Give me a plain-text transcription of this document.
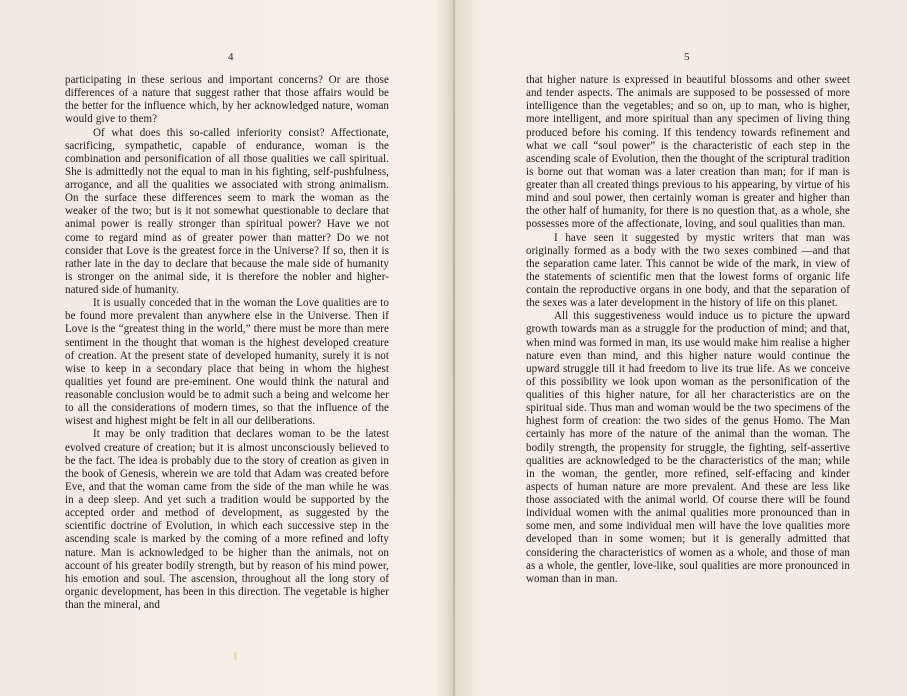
4

participating in these serious and important concerns? Or are those differences of a nature that suggest rather that those affairs would be the better for the influence which, by her acknowledged nature, woman would give to them?

Of what does this so-called inferiority consist? Affectionate, sacrificing, sympathetic, capable of endurance, woman is the combination and personification of all those qualities we call spiritual. She is admittedly not the equal to man in his fighting, self-pushfulness, arrogance, and all the qualities we associated with strong animalism. On the surface these differences seem to mark the woman as the weaker of the two; but is it not somewhat questionable to declare that animal power is really stronger than spiritual power? Have we not come to regard mind as of greater power than matter? Do we not consider that Love is the greatest force in the Universe? If so, then it is rather late in the day to declare that because the male side of humanity is stronger on the animal side, it is therefore the nobler and higher-natured side of humanity.

It is usually conceded that in the woman the Love qualities are to be found more prevalent than anywhere else in the Universe. Then if Love is the “greatest thing in the world,” there must be more than mere sentiment in the thought that woman is the highest developed creature of creation. At the present state of developed humanity, surely it is not wise to keep in a secondary place that being in whom the highest qualities yet found are pre-eminent. One would think the natural and reasonable conclusion would be to admit such a being and welcome her to all the considerations of modern times, so that the influence of the wisest and highest might be felt in all our deliberations.

It may be only tradition that declares woman to be the latest evolved creature of creation; but it is almost unconsciously believed to be the fact. The idea is probably due to the story of creation as given in the book of Genesis, wherein we are told that Adam was created before Eve, and that the woman came from the side of the man while he was in a deep sleep. And yet such a tradition would be supported by the accepted order and method of development, as suggested by the scientific doctrine of Evolution, in which each successive step in the ascending scale is marked by the coming of a more refined and lofty nature. Man is acknowledged to be higher than the animals, not on account of his greater bodily strength, but by reason of his mind power, his emotion and soul. The ascension, throughout all the long story of organic development, has been in this direction. The vegetable is higher than the mineral, and

5

that higher nature is expressed in beautiful blossoms and other sweet and tender aspects. The animals are supposed to be possessed of more intelligence than the vegetables; and so on, up to man, who is higher, more intelligent, and more spiritual than any specimen of living thing produced before his coming. If this tendency towards refinement and what we call “soul power” is the characteristic of each step in the ascending scale of Evolution, then the thought of the scriptural tradition is borne out that woman was a later creation than man; for if man is greater than all created things previous to his appearing, by virtue of his mind and soul power, then certainly woman is greater and higher than the other half of humanity, for there is no question that, as a whole, she possesses more of the affectionate, loving, and soul qualities than man.

I have seen it suggested by mystic writers that man was originally formed as a body with the two sexes combined —and that the separation came later. This cannot be wide of the mark, in view of the statements of scientific men that the lowest forms of organic life contain the reproductive organs in one body, and that the separation of the sexes was a later development in the history of life on this planet.

All this suggestiveness would induce us to picture the upward growth towards man as a struggle for the production of mind; and that, when mind was formed in man, its use would make him realise a higher nature even than mind, and this higher nature would continue the upward struggle till it had freedom to live its true life. As we conceive of this possibility we look upon woman as the personification of the qualities of this higher nature, for all her characteristics are on the spiritual side. Thus man and woman would be the two specimens of the highest form of creation: the two sides of the genus Homo. The Man certainly has more of the nature of the animal than the woman. The bodily strength, the propensity for struggle, the fighting, self-assertive qualities are acknowledged to be the characteristics of the man; while in the woman, the gentler, more refined, self-effacing and kinder aspects of human nature are more prevalent. And these are less like those associated with the animal world. Of course there will be found individual women with the animal qualities more pronounced than in some men, and some individual men will have the love qualities more developed than in some women; but it is generally admitted that considering the characteristics of women as a whole, and those of man as a whole, the gentler, love-like, soul qualities are more pronounced in woman than in man.
